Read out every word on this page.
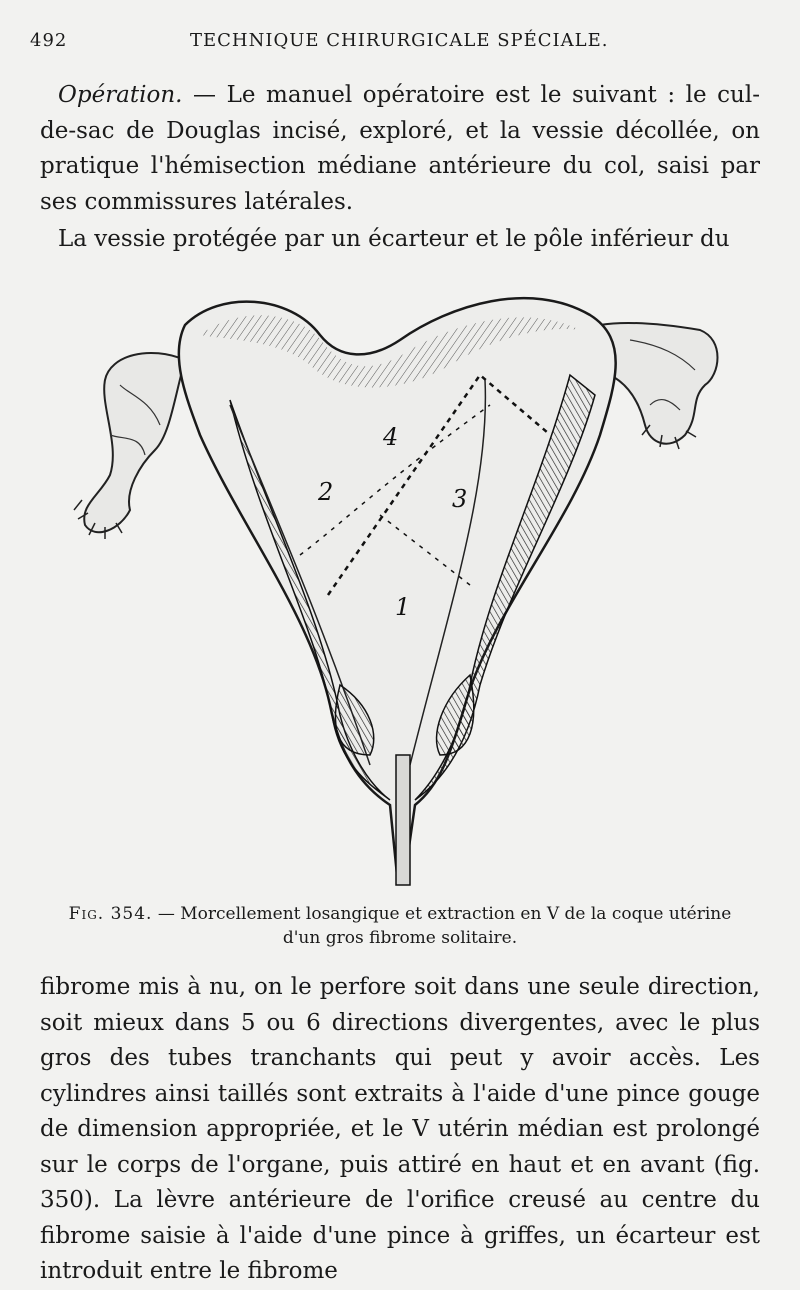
492	TECHNIQUE CHIRURGICALE SPÉCIALE.

Opération. — Le manuel opératoire est le suivant : le cul-de-sac de Douglas incisé, exploré, et la vessie décollée, on pratique l'hémisection médiane antérieure du col, saisi par ses commissures latérales.

La vessie protégée par un écarteur et le pôle inférieur du

4
2	3
1
Fig. 354. — Morcellement losangique et extraction en V de la coque utérine d'un gros fibrome solitaire.

fibrome mis à nu, on le perfore soit dans une seule direction, soit mieux dans 5 ou 6 directions divergentes, avec le plus gros des tubes tranchants qui peut y avoir accès. Les cylindres ainsi taillés sont extraits à l'aide d'une pince gouge de dimension appropriée, et le V utérin médian est prolongé sur le corps de l'organe, puis attiré en haut et en avant (fig. 350). La lèvre antérieure de l'orifice creusé au centre du fibrome saisie à l'aide d'une pince à griffes, un écarteur est introduit entre le fibrome
